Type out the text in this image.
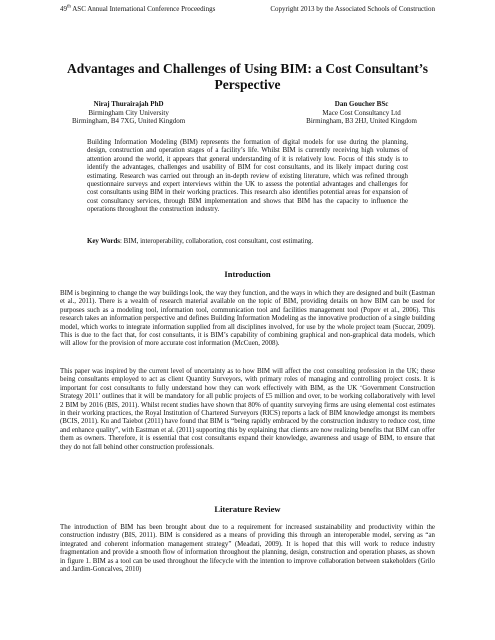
49th ASC Annual International Conference Proceedings	Copyright 2013 by the Associated Schools of Construction
Advantages and Challenges of Using BIM: a Cost Consultant’s Perspective
Niraj Thurairajah PhD
Birmingham City University
Birmingham, B4 7XG, United Kingdom
Dan Goucher BSc
Mace Cost Consultancy Ltd
Birmingham, B3 2HJ, United Kingdom
Building Information Modeling (BIM) represents the formation of digital models for use during the planning, design, construction and operation stages of a facility’s life. Whilst BIM is currently receiving high volumes of attention around the world, it appears that general understanding of it is relatively low. Focus of this study is to identify the advantages, challenges and usability of BIM for cost consultants, and its likely impact during cost estimating. Research was carried out through an in-depth review of existing literature, which was refined through questionnaire surveys and expert interviews within the UK to assess the potential advantages and challenges for cost consultants using BIM in their working practices. This research also identifies potential areas for expansion of cost consultancy services, through BIM implementation and shows that BIM has the capacity to influence the operations throughout the construction industry.
Key Words: BIM, interoperability, collaboration, cost consultant, cost estimating.
Introduction
BIM is beginning to change the way buildings look, the way they function, and the ways in which they are designed and built (Eastman et al., 2011). There is a wealth of research material available on the topic of BIM, providing details on how BIM can be used for purposes such as a modeling tool, information tool, communication tool and facilities management tool (Popov et al., 2006). This research takes an information perspective and defines Building Information Modeling as the innovative production of a single building model, which works to integrate information supplied from all disciplines involved, for use by the whole project team (Succar, 2009). This is due to the fact that, for cost consultants, it is BIM’s capability of combining graphical and non-graphical data models, which will allow for the provision of more accurate cost information (McCuen, 2008).
This paper was inspired by the current level of uncertainty as to how BIM will affect the cost consulting profession in the UK; these being consultants employed to act as client Quantity Surveyors, with primary roles of managing and controlling project costs. It is important for cost consultants to fully understand how they can work effectively with BIM, as the UK ‘Government Construction Strategy 2011’ outlines that it will be mandatory for all public projects of £5 million and over, to be working collaboratively with level 2 BIM by 2016 (BIS, 2011). Whilst recent studies have shown that 80% of quantity surveying firms are using elemental cost estimates in their working practices, the Royal Institution of Chartered Surveyors (RICS) reports a lack of BIM knowledge amongst its members (BCIS, 2011). Ku and Taiebot (2011) have found that BIM is “being rapidly embraced by the construction industry to reduce cost, time and enhance quality”, with Eastman et al. (2011) supporting this by explaining that clients are now realizing benefits that BIM can offer them as owners. Therefore, it is essential that cost consultants expand their knowledge, awareness and usage of BIM, to ensure that they do not fall behind other construction professionals.
Literature Review
The introduction of BIM has been brought about due to a requirement for increased sustainability and productivity within the construction industry (BIS, 2011). BIM is considered as a means of providing this through an interoperable model, serving as “an integrated and coherent information management strategy” (Meadati, 2009). It is hoped that this will work to reduce industry fragmentation and provide a smooth flow of information throughout the planning, design, construction and operation phases, as shown in figure 1. BIM as a tool can be used throughout the lifecycle with the intention to improve collaboration between stakeholders (Grilo and Jardim-Goncalves, 2010)
